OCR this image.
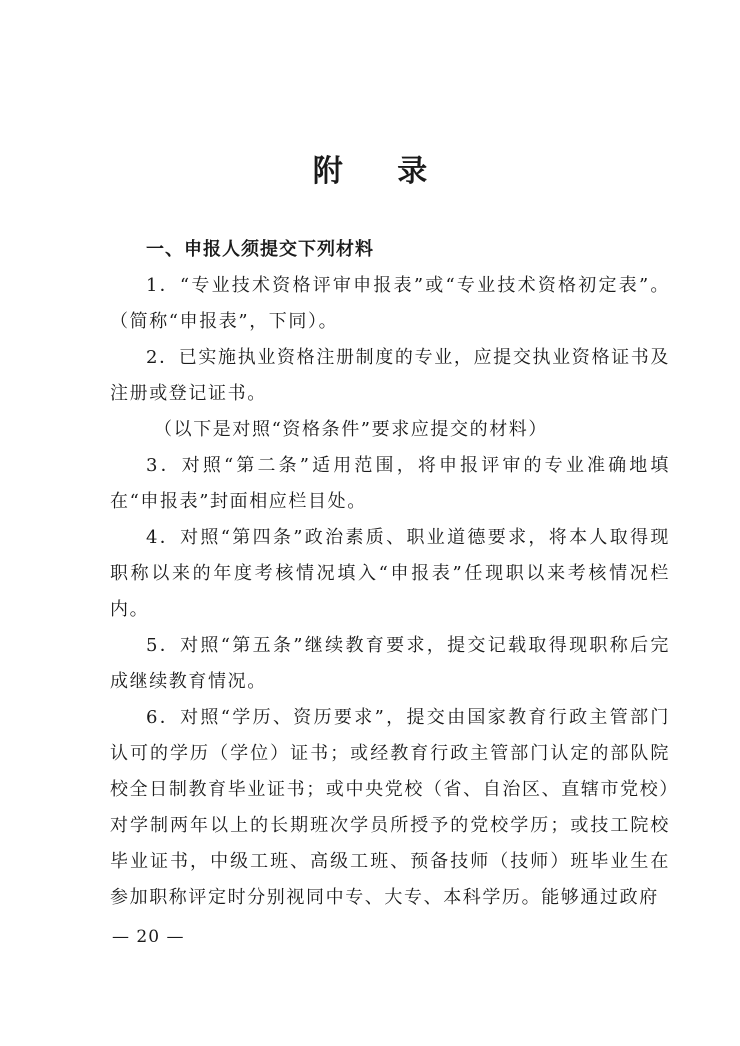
附 录

一、申报人须提交下列材料

1．“专业技术资格评审申报表”或“专业技术资格初定表”。（简称“申报表”，下同）。

2．已实施执业资格注册制度的专业，应提交执业资格证书及注册或登记证书。

（以下是对照“资格条件”要求应提交的材料）

3．对照“第二条”适用范围，将申报评审的专业准确地填在“申报表”封面相应栏目处。

4．对照“第四条”政治素质、职业道德要求，将本人取得现职称以来的年度考核情况填入“申报表”任现职以来考核情况栏内。

5．对照“第五条”继续教育要求，提交记载取得现职称后完成继续教育情况。

6．对照“学历、资历要求”，提交由国家教育行政主管部门认可的学历（学位）证书；或经教育行政主管部门认定的部队院校全日制教育毕业证书；或中央党校（省、自治区、直辖市党校）对学制两年以上的长期班次学员所授予的党校学历；或技工院校毕业证书，中级工班、高级工班、预备技师（技师）班毕业生在参加职称评定时分别视同中专、大专、本科学历。能够通过政府

— 20 —
